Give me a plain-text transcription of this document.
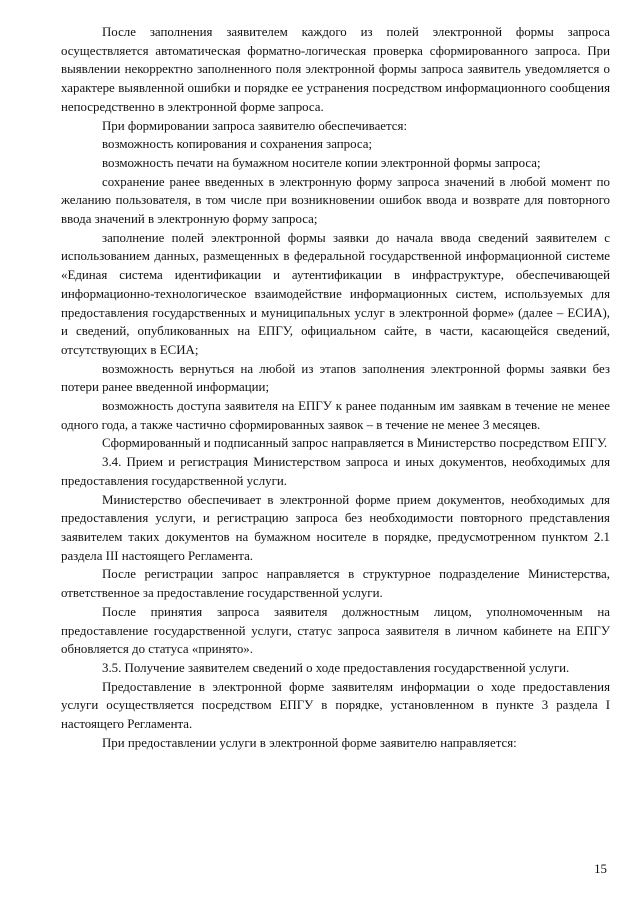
После заполнения заявителем каждого из полей электронной формы запроса осуществляется автоматическая форматно-логическая проверка сформированного запроса. При выявлении некорректно заполненного поля электронной формы запроса заявитель уведомляется о характере выявленной ошибки и порядке ее устранения посредством информационного сообщения непосредственно в электронной форме запроса.

При формировании запроса заявителю обеспечивается:

возможность копирования и сохранения запроса;

возможность печати на бумажном носителе копии электронной формы запроса;

сохранение ранее введенных в электронную форму запроса значений в любой момент по желанию пользователя, в том числе при возникновении ошибок ввода и возврате для повторного ввода значений в электронную форму запроса;

заполнение полей электронной формы заявки до начала ввода сведений заявителем с использованием данных, размещенных в федеральной государственной информационной системе «Единая система идентификации и аутентификации в инфраструктуре, обеспечивающей информационно-технологическое взаимодействие информационных систем, используемых для предоставления государственных и муниципальных услуг в электронной форме» (далее – ЕСИА), и сведений, опубликованных на ЕПГУ, официальном сайте, в части, касающейся сведений, отсутствующих в ЕСИА;

возможность вернуться на любой из этапов заполнения электронной формы заявки без потери ранее введенной информации;

возможность доступа заявителя на ЕПГУ к ранее поданным им заявкам в течение не менее одного года, а также частично сформированных заявок – в течение не менее 3 месяцев.

Сформированный и подписанный запрос направляется в Министерство посредством ЕПГУ.

3.4. Прием и регистрация Министерством запроса и иных документов, необходимых для предоставления государственной услуги.

Министерство обеспечивает в электронной форме прием документов, необходимых для предоставления услуги, и регистрацию запроса без необходимости повторного представления заявителем таких документов на бумажном носителе в порядке, предусмотренном пунктом 2.1 раздела III настоящего Регламента.

После регистрации запрос направляется в структурное подразделение Министерства, ответственное за предоставление государственной услуги.

После принятия запроса заявителя должностным лицом, уполномоченным на предоставление государственной услуги, статус запроса заявителя в личном кабинете на ЕПГУ обновляется до статуса «принято».

3.5. Получение заявителем сведений о ходе предоставления государственной услуги.

Предоставление в электронной форме заявителям информации о ходе предоставления услуги осуществляется посредством ЕПГУ в порядке, установленном в пункте 3 раздела I настоящего Регламента.

При предоставлении услуги в электронной форме заявителю направляется:

15
